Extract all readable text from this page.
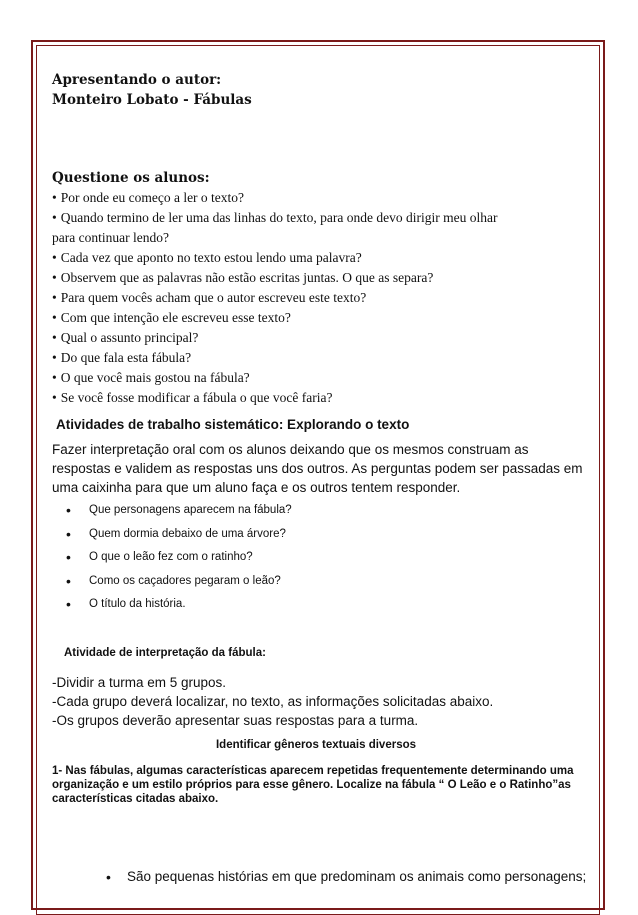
Apresentando o autor:

Monteiro Lobato - Fábulas

Questione os alunos:

• Por onde eu começo a ler o texto?
• Quando termino de ler uma das linhas do texto, para onde devo dirigir meu olhar
para continuar lendo?
• Cada vez que aponto no texto estou lendo uma palavra?
• Observem que as palavras não estão escritas juntas. O que as separa?
• Para quem vocês acham que o autor escreveu este texto?
• Com que intenção ele escreveu esse texto?
• Qual o assunto principal?
• Do que fala esta fábula?
• O que você mais gostou na fábula?
• Se você fosse modificar a fábula o que você faria?

Atividades de trabalho sistemático: Explorando o texto

Fazer interpretação oral com os alunos deixando que os mesmos construam as respostas e validem as respostas uns dos outros. As perguntas podem ser passadas em uma caixinha para que um aluno faça e os outros tentem responder.

• Que personagens aparecem na fábula?
• Quem dormia debaixo de uma árvore?
• O que o leão fez com o ratinho?
• Como os caçadores pegaram o leão?
• O título da história.

Atividade de interpretação da fábula:

-Dividir a turma em 5 grupos.

-Cada grupo deverá localizar, no texto, as informações solicitadas abaixo.

-Os grupos deverão apresentar suas respostas para a turma.

Identificar gêneros textuais diversos

1- Nas fábulas, algumas características aparecem repetidas frequentemente determinando uma organização e um estilo próprios para esse gênero. Localize na fábula “ O Leão e o Ratinho”as características citadas abaixo.

• São pequenas histórias em que predominam os animais como personagens;
